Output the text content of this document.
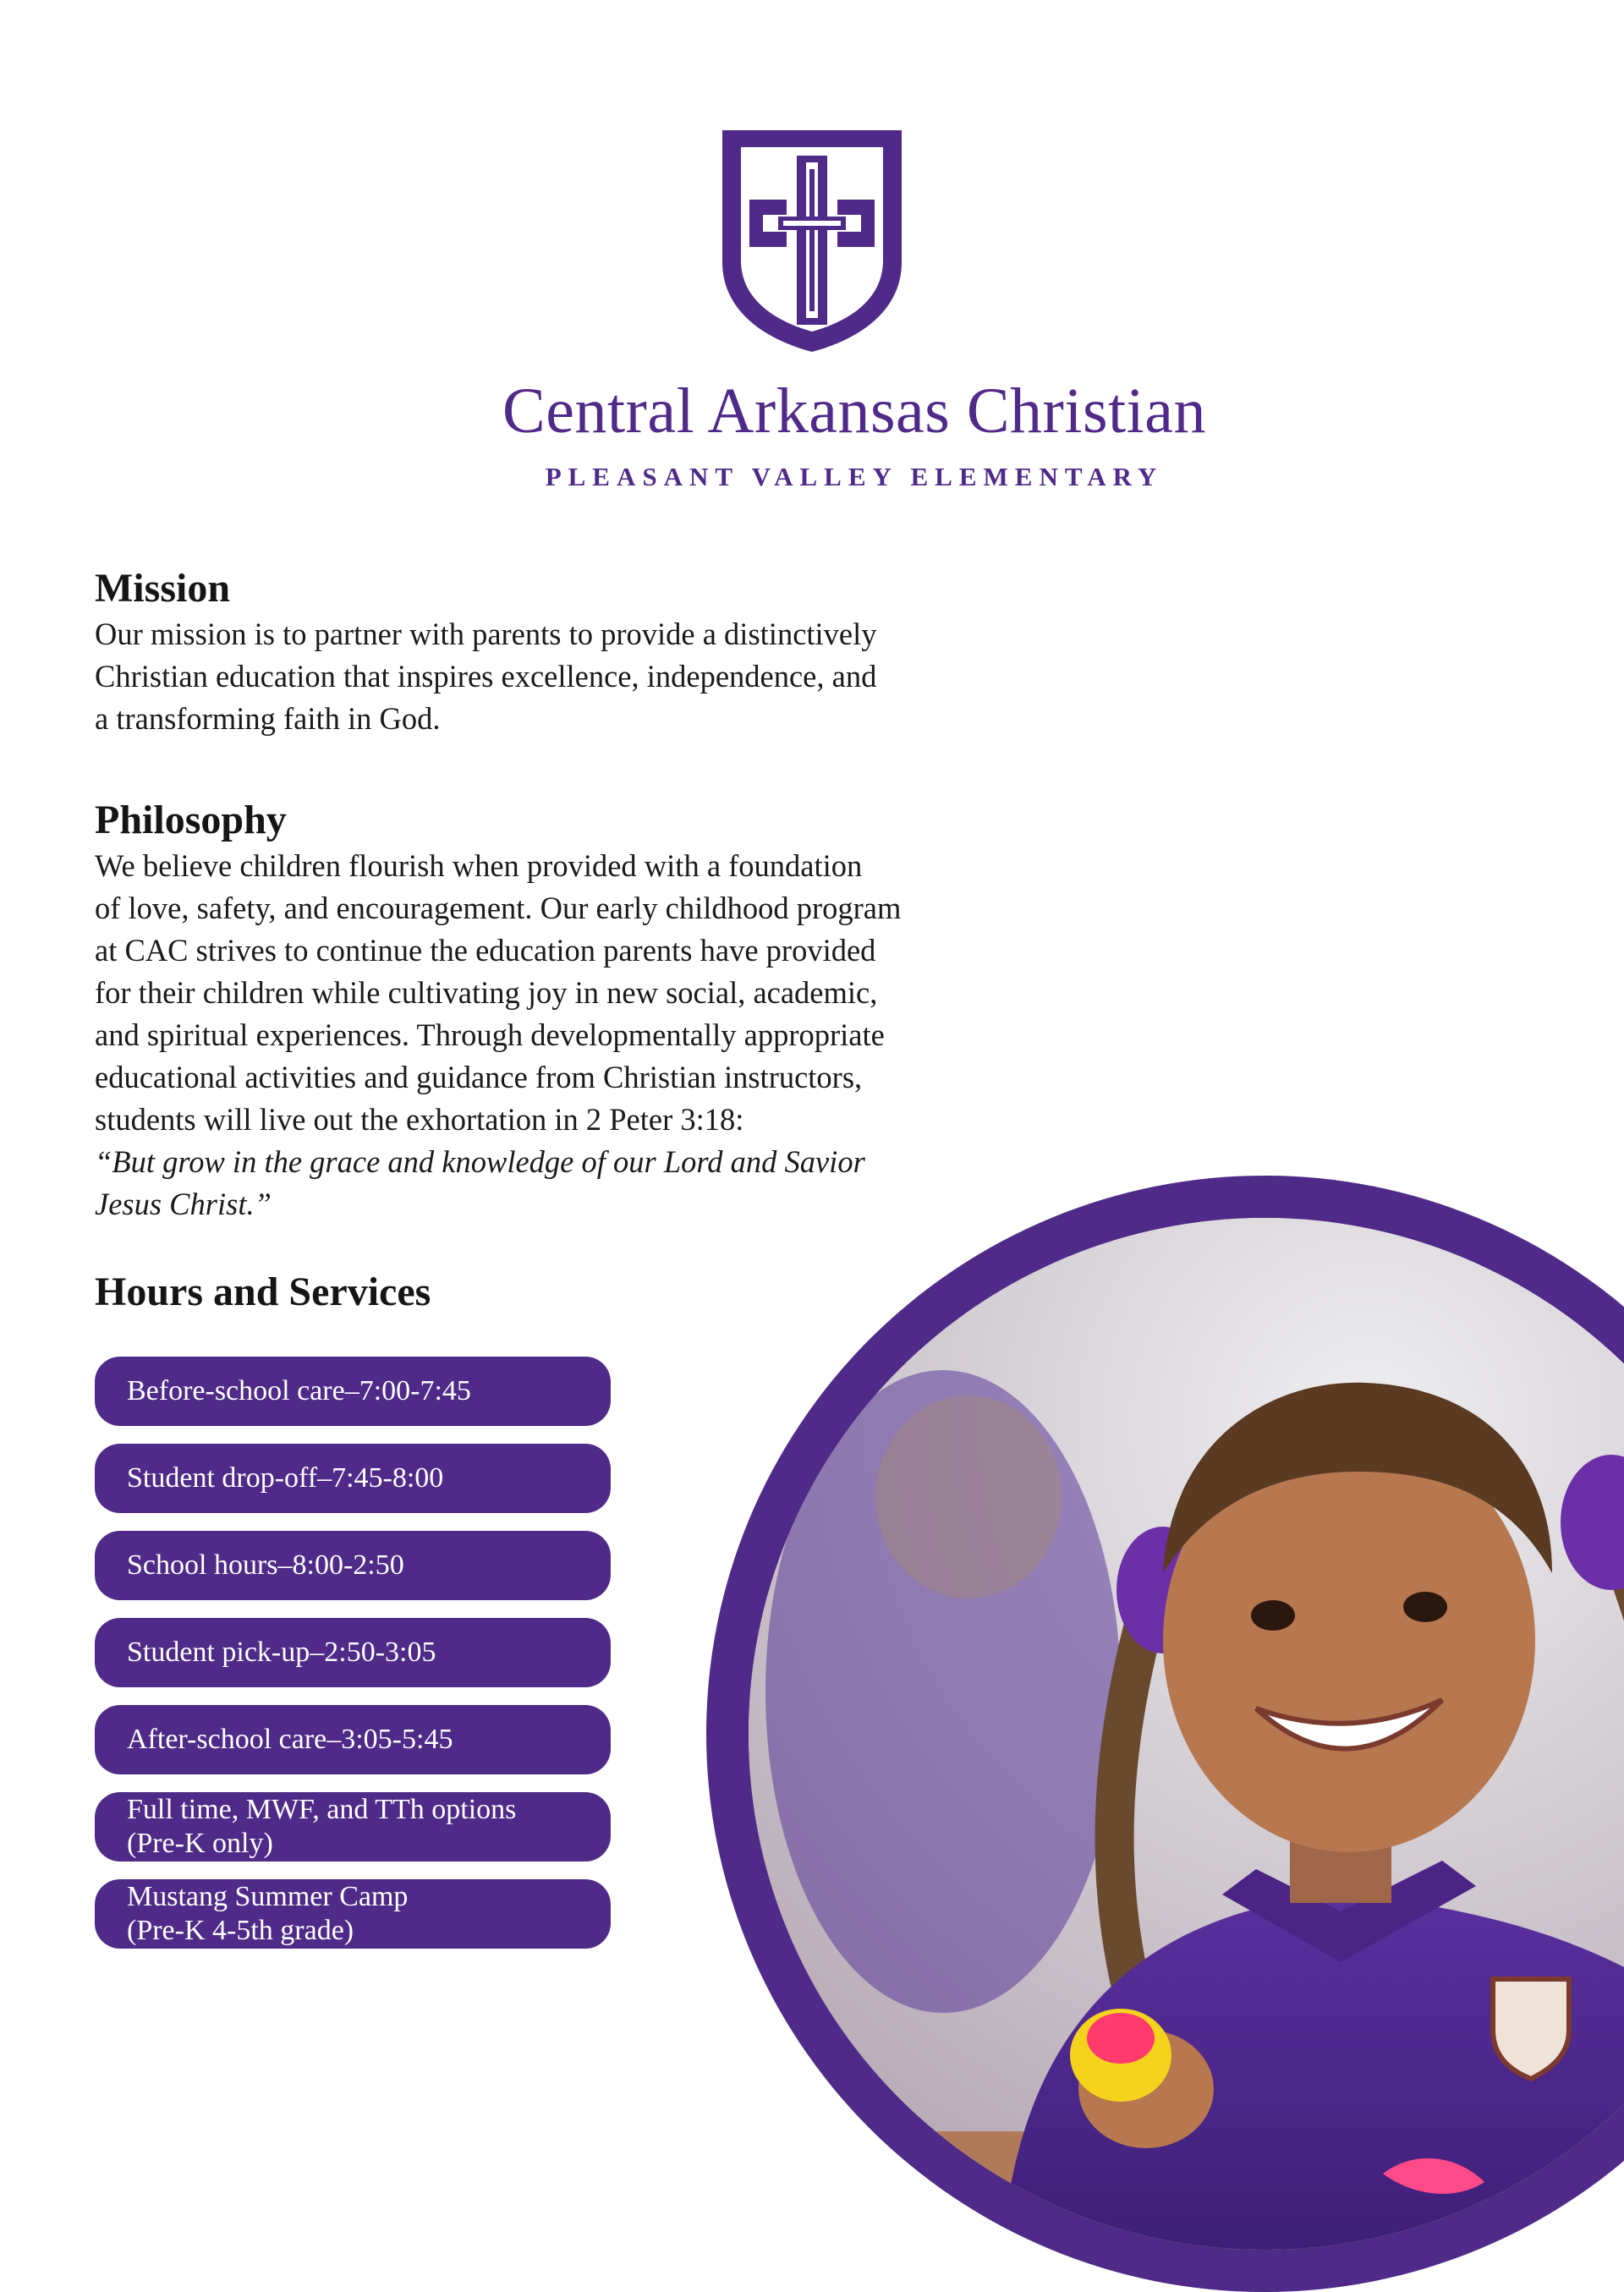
Central Arkansas Christian
PLEASANT VALLEY ELEMENTARY
Mission

Our mission is to partner with parents to provide a distinctively
Christian education that inspires excellence, independence, and
a transforming faith in God.

Philosophy

We believe children flourish when provided with a foundation
of love, safety, and encouragement. Our early childhood program
at CAC strives to continue the education parents have provided
for their children while cultivating joy in new social, academic,
and spiritual experiences. Through developmentally appropriate
educational activities and guidance from Christian instructors,
students will live out the exhortation in 2 Peter 3:18:
“But grow in the grace and knowledge of our Lord and Savior
Jesus Christ.”

Hours and Services
Before-school care–7:00-7:45
Student drop-off–7:45-8:00
School hours–8:00-2:50
Student pick-up–2:50-3:05
After-school care–3:05-5:45
Full time, MWF, and TTh options
(Pre-K only)
Mustang Summer Camp
(Pre-K 4-5th grade)
